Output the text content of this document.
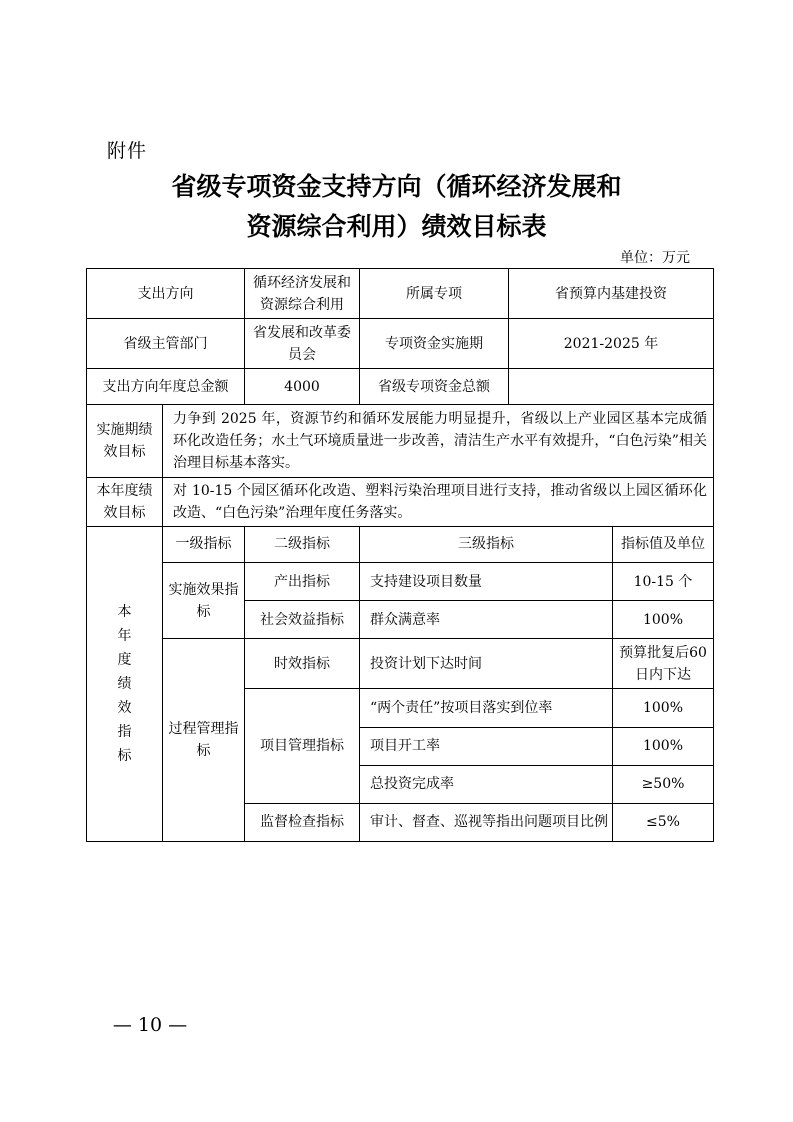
附件
省级专项资金支持方向（循环经济发展和
资源综合利用）绩效目标表
单位：万元
支出方向		循环经济发展和资源综合利用	所属专项	省预算内基建投资	
省级主管部门		省发展和改革委员会	专项资金实施期	2021-2025 年	
支出方向年度总金额		4000	省级专项资金总额		
实施期绩效目标	力争到 2025 年，资源节约和循环发展能力明显提升，省级以上产业园区基本完成循环化改造任务；水土气环境质量进一步改善，清洁生产水平有效提升，“白色污染”相关治理目标基本落实。				
本年度绩效目标	对 10-15 个园区循环化改造、塑料污染治理项目进行支持，推动省级以上园区循环化改造、“白色污染”治理年度任务落实。				

本年度绩效指标	一级指标	二级指标	三级指标		指标值及单位
	实施效果指标	产出指标	支持建设项目数量		10-15 个
		社会效益指标	群众满意率		100%
	过程管理指标	时效指标	投资计划下达时间		预算批复后60 日内下达
		项目管理指标	“两个责任”按项目落实到位率		100%
			项目开工率		100%
			总投资完成率		≥50%
		监督检查指标	审计、督查、巡视等指出问题项目比例		≤5%
— 10 —
